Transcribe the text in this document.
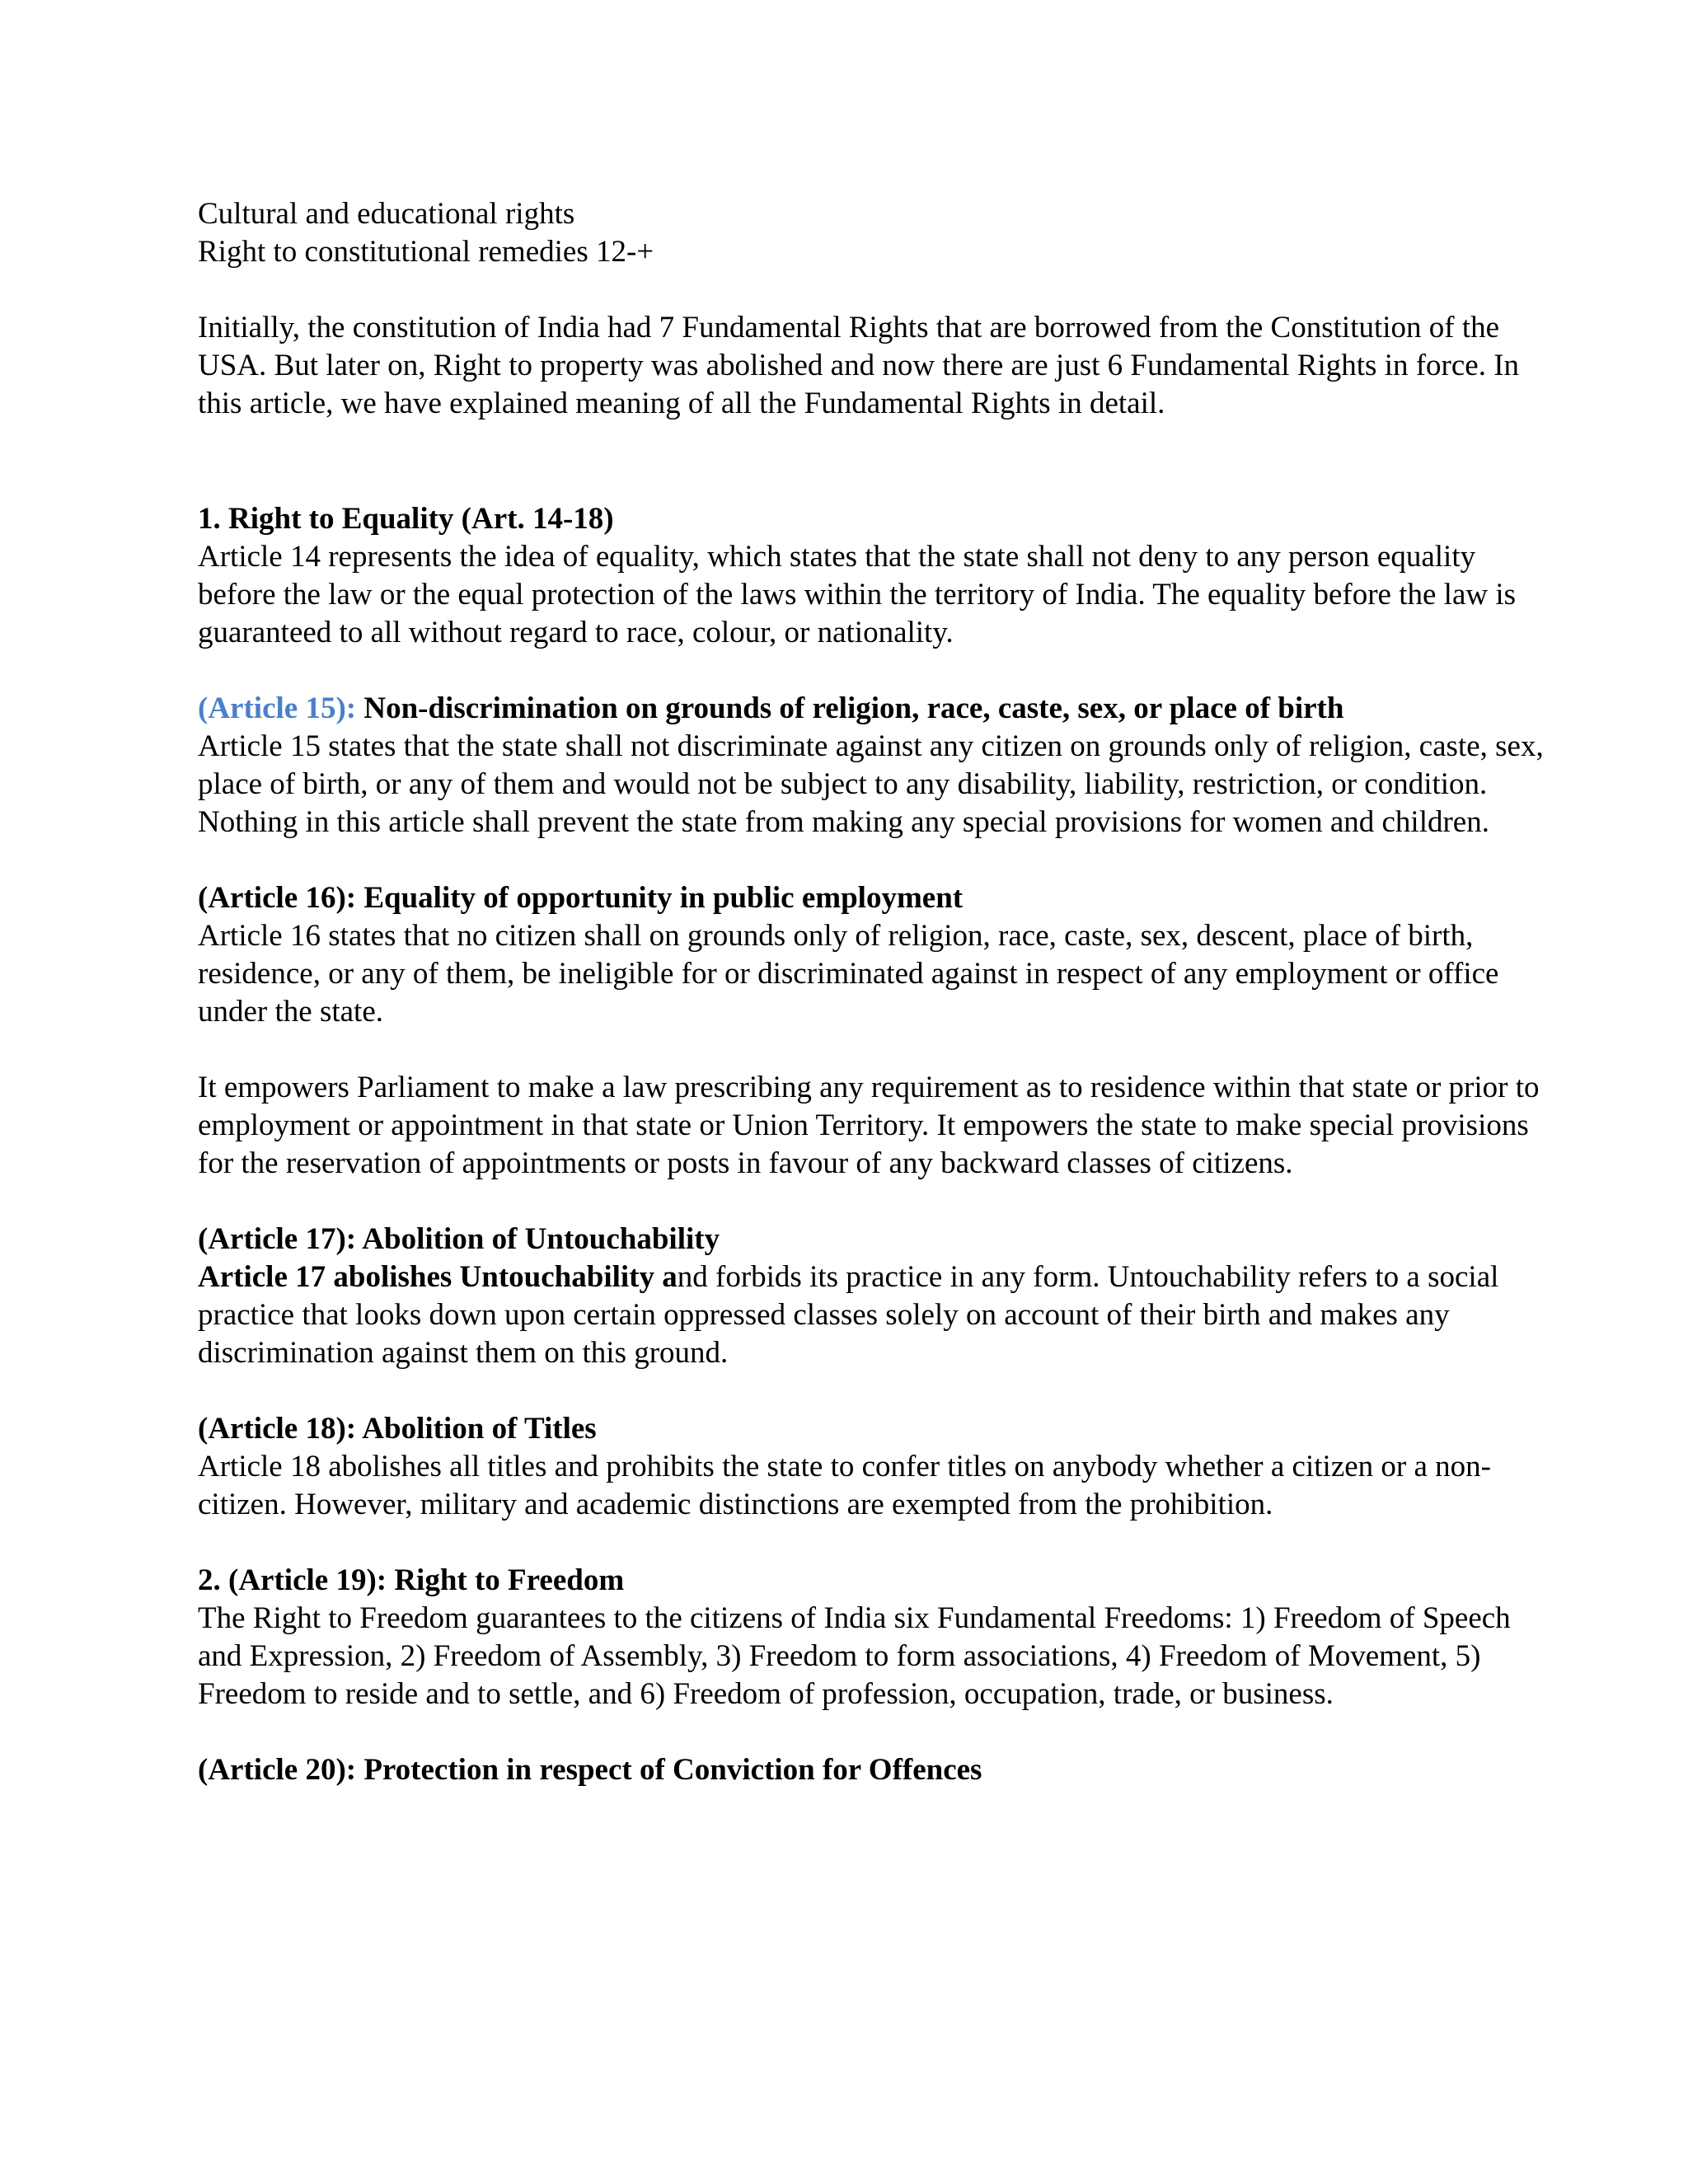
Cultural and educational rights

Right to constitutional remedies 12-+

Initially, the constitution of India had 7 Fundamental Rights that are borrowed from the Constitution of the USA. But later on, Right to property was abolished and now there are just 6 Fundamental Rights in force. In this article, we have explained meaning of all the Fundamental Rights in detail.

1. Right to Equality (Art. 14-18)

Article 14 represents the idea of equality, which states that the state shall not deny to any person equality before the law or the equal protection of the laws within the territory of India. The equality before the law is guaranteed to all without regard to race, colour, or nationality.

(Article 15): Non-discrimination on grounds of religion, race, caste, sex, or place of birth

Article 15 states that the state shall not discriminate against any citizen on grounds only of religion, caste, sex, place of birth, or any of them and would not be subject to any disability, liability, restriction, or condition. Nothing in this article shall prevent the state from making any special provisions for women and children.

(Article 16): Equality of opportunity in public employment

Article 16 states that no citizen shall on grounds only of religion, race, caste, sex, descent, place of birth, residence, or any of them, be ineligible for or discriminated against in respect of any employment or office under the state.

It empowers Parliament to make a law prescribing any requirement as to residence within that state or prior to employment or appointment in that state or Union Territory. It empowers the state to make special provisions for the reservation of appointments or posts in favour of any backward classes of citizens.

(Article 17): Abolition of Untouchability

Article 17 abolishes Untouchability and forbids its practice in any form. Untouchability refers to a social practice that looks down upon certain oppressed classes solely on account of their birth and makes any discrimination against them on this ground.

(Article 18): Abolition of Titles

Article 18 abolishes all titles and prohibits the state to confer titles on anybody whether a citizen or a non-citizen. However, military and academic distinctions are exempted from the prohibition.

2. (Article 19): Right to Freedom

The Right to Freedom guarantees to the citizens of India six Fundamental Freedoms: 1) Freedom of Speech and Expression, 2) Freedom of Assembly, 3) Freedom to form associations, 4) Freedom of Movement, 5) Freedom to reside and to settle, and 6) Freedom of profession, occupation, trade, or business.

(Article 20): Protection in respect of Conviction for Offences
